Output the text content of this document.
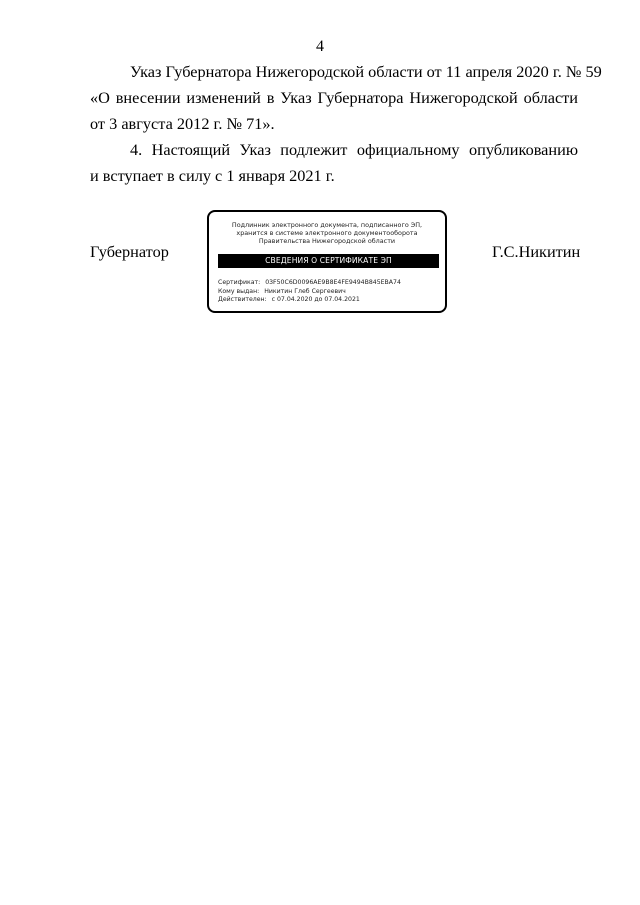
4
Указ Губернатора Нижегородской области от 11 апреля 2020 г. № 59
«О внесении изменений в Указ Губернатора Нижегородской области
от 3 августа 2012 г. № 71».
4. Настоящий Указ подлежит официальному опубликованию
и вступает в силу с 1 января 2021 г.
Губернатор
Подлинник электронного документа, подписанного ЭП,
хранится в системе электронного документооборота
Правительства Нижегородской области
СВЕДЕНИЯ О СЕРТИФИКАТЕ ЭП
Сертификат: 03F50C6D0096AE9B8E4FE9494B845EBA74
Кому выдан: Никитин Глеб Сергеевич
Действителен: с 07.04.2020 до 07.04.2021
Г.С.Никитин
